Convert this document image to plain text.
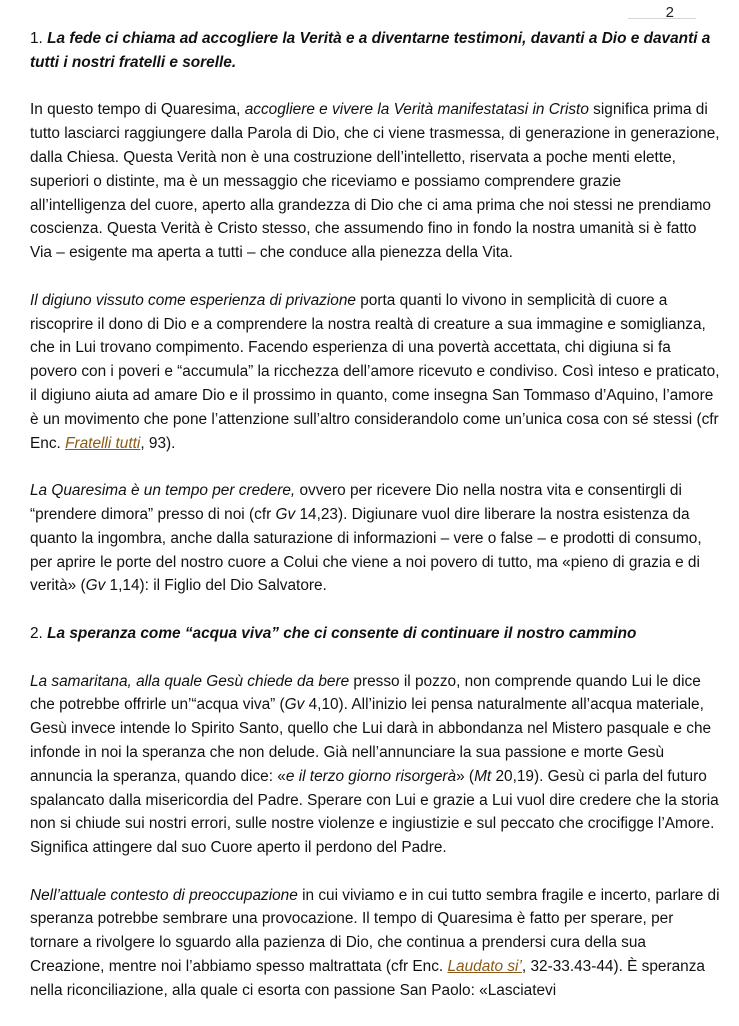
2

1. La fede ci chiama ad accogliere la Verità e a diventarne testimoni, davanti a Dio e davanti a tutti i nostri fratelli e sorelle.

In questo tempo di Quaresima, accogliere e vivere la Verità manifestatasi in Cristo significa prima di tutto lasciarci raggiungere dalla Parola di Dio, che ci viene trasmessa, di generazione in generazione, dalla Chiesa. Questa Verità non è una costruzione dell’intelletto, riservata a poche menti elette, superiori o distinte, ma è un messaggio che riceviamo e possiamo comprendere grazie all’intelligenza del cuore, aperto alla grandezza di Dio che ci ama prima che noi stessi ne prendiamo coscienza. Questa Verità è Cristo stesso, che assumendo fino in fondo la nostra umanità si è fatto Via – esigente ma aperta a tutti – che conduce alla pienezza della Vita.

Il digiuno vissuto come esperienza di privazione porta quanti lo vivono in semplicità di cuore a riscoprire il dono di Dio e a comprendere la nostra realtà di creature a sua immagine e somiglianza, che in Lui trovano compimento. Facendo esperienza di una povertà accettata, chi digiuna si fa povero con i poveri e “accumula” la ricchezza dell’amore ricevuto e condiviso. Così inteso e praticato, il digiuno aiuta ad amare Dio e il prossimo in quanto, come insegna San Tommaso d’Aquino, l’amore è un movimento che pone l’attenzione sull’altro considerandolo come un’unica cosa con sé stessi (cfr Enc. Fratelli tutti, 93).

La Quaresima è un tempo per credere, ovvero per ricevere Dio nella nostra vita e consentirgli di “prendere dimora” presso di noi (cfr Gv 14,23). Digiunare vuol dire liberare la nostra esistenza da quanto la ingombra, anche dalla saturazione di informazioni – vere o false – e prodotti di consumo, per aprire le porte del nostro cuore a Colui che viene a noi povero di tutto, ma «pieno di grazia e di verità» (Gv 1,14): il Figlio del Dio Salvatore.

2. La speranza come “acqua viva” che ci consente di continuare il nostro cammino

La samaritana, alla quale Gesù chiede da bere presso il pozzo, non comprende quando Lui le dice che potrebbe offrirle un’“acqua viva” (Gv 4,10). All’inizio lei pensa naturalmente all’acqua materiale, Gesù invece intende lo Spirito Santo, quello che Lui darà in abbondanza nel Mistero pasquale e che infonde in noi la speranza che non delude. Già nell’annunciare la sua passione e morte Gesù annuncia la speranza, quando dice: «e il terzo giorno risorgerà» (Mt 20,19). Gesù ci parla del futuro spalancato dalla misericordia del Padre. Sperare con Lui e grazie a Lui vuol dire credere che la storia non si chiude sui nostri errori, sulle nostre violenze e ingiustizie e sul peccato che crocifigge l’Amore. Significa attingere dal suo Cuore aperto il perdono del Padre.

Nell’attuale contesto di preoccupazione in cui viviamo e in cui tutto sembra fragile e incerto, parlare di speranza potrebbe sembrare una provocazione. Il tempo di Quaresima è fatto per sperare, per tornare a rivolgere lo sguardo alla pazienza di Dio, che continua a prendersi cura della sua Creazione, mentre noi l’abbiamo spesso maltrattata (cfr Enc. Laudato si’, 32-33.43-44). È speranza nella riconciliazione, alla quale ci esorta con passione San Paolo: «Lasciatevi
